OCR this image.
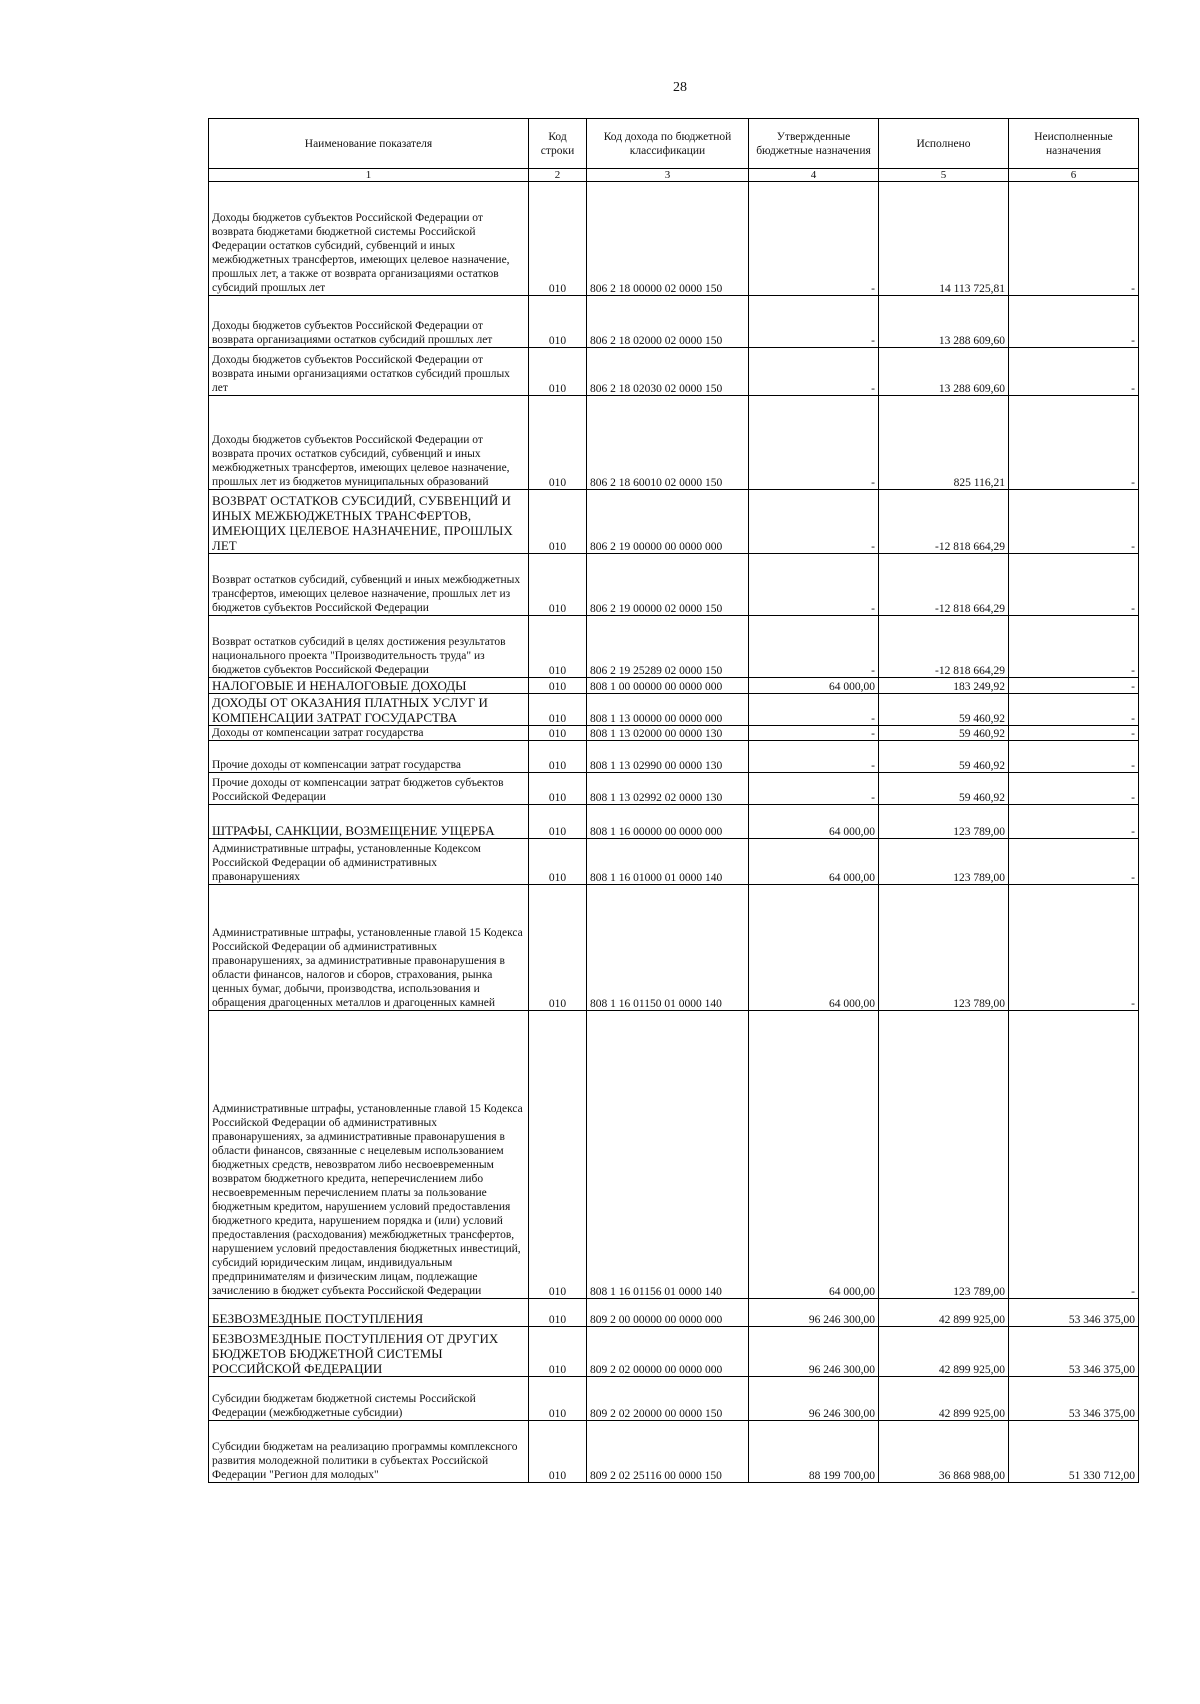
28
Наименование показателя	Код строки	Код дохода по бюджетной классификации	Утвержденные бюджетные назначения	Исполнено	Неисполненные назначения
1	2	3	4	5	6
Доходы бюджетов субъектов Российской Федерации от возврата бюджетами бюджетной системы Российской Федерации остатков субсидий, субвенций и иных межбюджетных трансфертов, имеющих целевое назначение, прошлых лет, а также от возврата организациями остатков субсидий прошлых лет	010	806 2 18 00000 02 0000 150	-	14 113 725,81	-
Доходы бюджетов субъектов Российской Федерации от возврата организациями остатков субсидий прошлых лет	010	806 2 18 02000 02 0000 150	-	13 288 609,60	-
Доходы бюджетов субъектов Российской Федерации от возврата иными организациями остатков субсидий прошлых лет	010	806 2 18 02030 02 0000 150	-	13 288 609,60	-
Доходы бюджетов субъектов Российской Федерации от возврата прочих остатков субсидий, субвенций и иных межбюджетных трансфертов, имеющих целевое назначение, прошлых лет из бюджетов муниципальных образований	010	806 2 18 60010 02 0000 150	-	825 116,21	-
ВОЗВРАТ ОСТАТКОВ СУБСИДИЙ, СУБВЕНЦИЙ И ИНЫХ МЕЖБЮДЖЕТНЫХ ТРАНСФЕРТОВ, ИМЕЮЩИХ ЦЕЛЕВОЕ НАЗНАЧЕНИЕ, ПРОШЛЫХ ЛЕТ	010	806 2 19 00000 00 0000 000	-	-12 818 664,29	-
Возврат остатков субсидий, субвенций и иных межбюджетных трансфертов, имеющих целевое назначение, прошлых лет из бюджетов субъектов Российской Федерации	010	806 2 19 00000 02 0000 150	-	-12 818 664,29	-
Возврат остатков субсидий в целях достижения результатов национального проекта "Производительность труда" из бюджетов субъектов Российской Федерации	010	806 2 19 25289 02 0000 150	-	-12 818 664,29	-
НАЛОГОВЫЕ И НЕНАЛОГОВЫЕ ДОХОДЫ	010	808 1 00 00000 00 0000 000	64 000,00	183 249,92	-
ДОХОДЫ ОТ ОКАЗАНИЯ ПЛАТНЫХ УСЛУГ И КОМПЕНСАЦИИ ЗАТРАТ ГОСУДАРСТВА	010	808 1 13 00000 00 0000 000	-	59 460,92	-
Доходы от компенсации затрат государства	010	808 1 13 02000 00 0000 130	-	59 460,92	-
Прочие доходы от компенсации затрат государства	010	808 1 13 02990 00 0000 130	-	59 460,92	-
Прочие доходы от компенсации затрат бюджетов субъектов Российской Федерации	010	808 1 13 02992 02 0000 130	-	59 460,92	-
ШТРАФЫ, САНКЦИИ, ВОЗМЕЩЕНИЕ УЩЕРБА	010	808 1 16 00000 00 0000 000	64 000,00	123 789,00	-
Административные штрафы, установленные Кодексом Российской Федерации об административных правонарушениях	010	808 1 16 01000 01 0000 140	64 000,00	123 789,00	-
Административные штрафы, установленные главой 15 Кодекса Российской Федерации об административных правонарушениях, за административные правонарушения в области финансов, налогов и сборов, страхования, рынка ценных бумаг, добычи, производства, использования и обращения драгоценных металлов и драгоценных камней	010	808 1 16 01150 01 0000 140	64 000,00	123 789,00	-
Административные штрафы, установленные главой 15 Кодекса Российской Федерации об административных правонарушениях, за административные правонарушения в области финансов, связанные с нецелевым использованием бюджетных средств, невозвратом либо несвоевременным возвратом бюджетного кредита, неперечислением либо несвоевременным перечислением платы за пользование бюджетным кредитом, нарушением условий предоставления бюджетного кредита, нарушением порядка и (или) условий предоставления (расходования) межбюджетных трансфертов, нарушением условий предоставления бюджетных инвестиций, субсидий юридическим лицам, индивидуальным предпринимателям и физическим лицам, подлежащие зачислению в бюджет субъекта Российской Федерации	010	808 1 16 01156 01 0000 140	64 000,00	123 789,00	-
БЕЗВОЗМЕЗДНЫЕ ПОСТУПЛЕНИЯ	010	809 2 00 00000 00 0000 000	96 246 300,00	42 899 925,00	53 346 375,00
БЕЗВОЗМЕЗДНЫЕ ПОСТУПЛЕНИЯ ОТ ДРУГИХ БЮДЖЕТОВ БЮДЖЕТНОЙ СИСТЕМЫ РОССИЙСКОЙ ФЕДЕРАЦИИ	010	809 2 02 00000 00 0000 000	96 246 300,00	42 899 925,00	53 346 375,00
Субсидии бюджетам бюджетной системы Российской Федерации (межбюджетные субсидии)	010	809 2 02 20000 00 0000 150	96 246 300,00	42 899 925,00	53 346 375,00
Субсидии бюджетам на реализацию программы комплексного развития молодежной политики в субъектах Российской Федерации "Регион для молодых"	010	809 2 02 25116 00 0000 150	88 199 700,00	36 868 988,00	51 330 712,00
